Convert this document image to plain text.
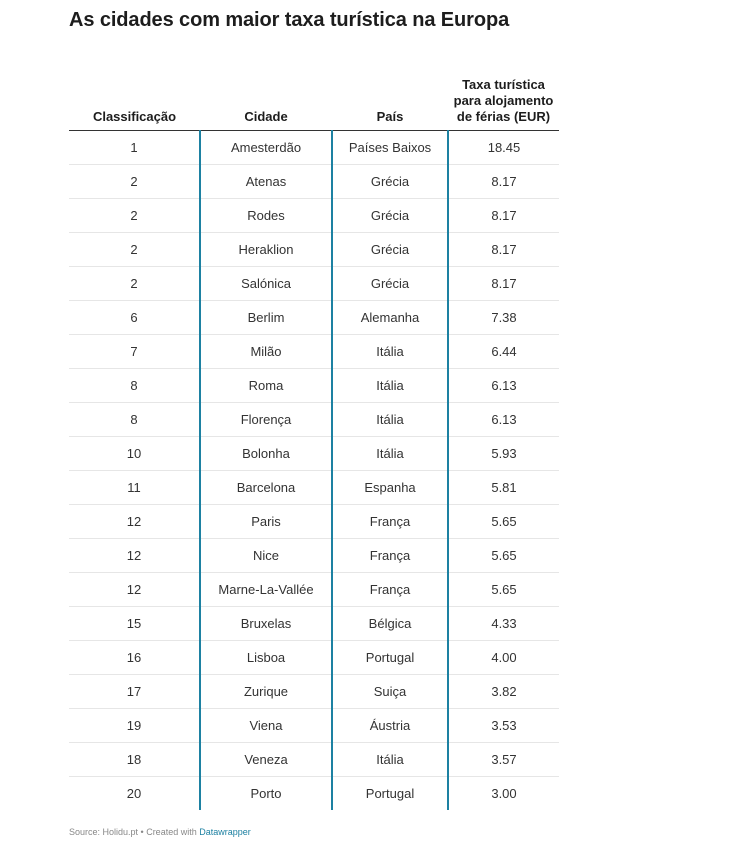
As cidades com maior taxa turística na Europa
Classificação	Cidade	País	Taxa turística para alojamento de férias (EUR)
1	Amesterdão	Países Baixos	18.45
2	Atenas	Grécia	8.17
2	Rodes	Grécia	8.17
2	Heraklion	Grécia	8.17
2	Salónica	Grécia	8.17
6	Berlim	Alemanha	7.38
7	Milão	Itália	6.44
8	Roma	Itália	6.13
8	Florença	Itália	6.13
10	Bolonha	Itália	5.93
11	Barcelona	Espanha	5.81
12	Paris	França	5.65
12	Nice	França	5.65
12	Marne-La-Vallée	França	5.65
15	Bruxelas	Bélgica	4.33
16	Lisboa	Portugal	4.00
17	Zurique	Suiça	3.82
19	Viena	Áustria	3.53
18	Veneza	Itália	3.57
20	Porto	Portugal	3.00
Source: Holidu.pt • Created with Datawrapper
